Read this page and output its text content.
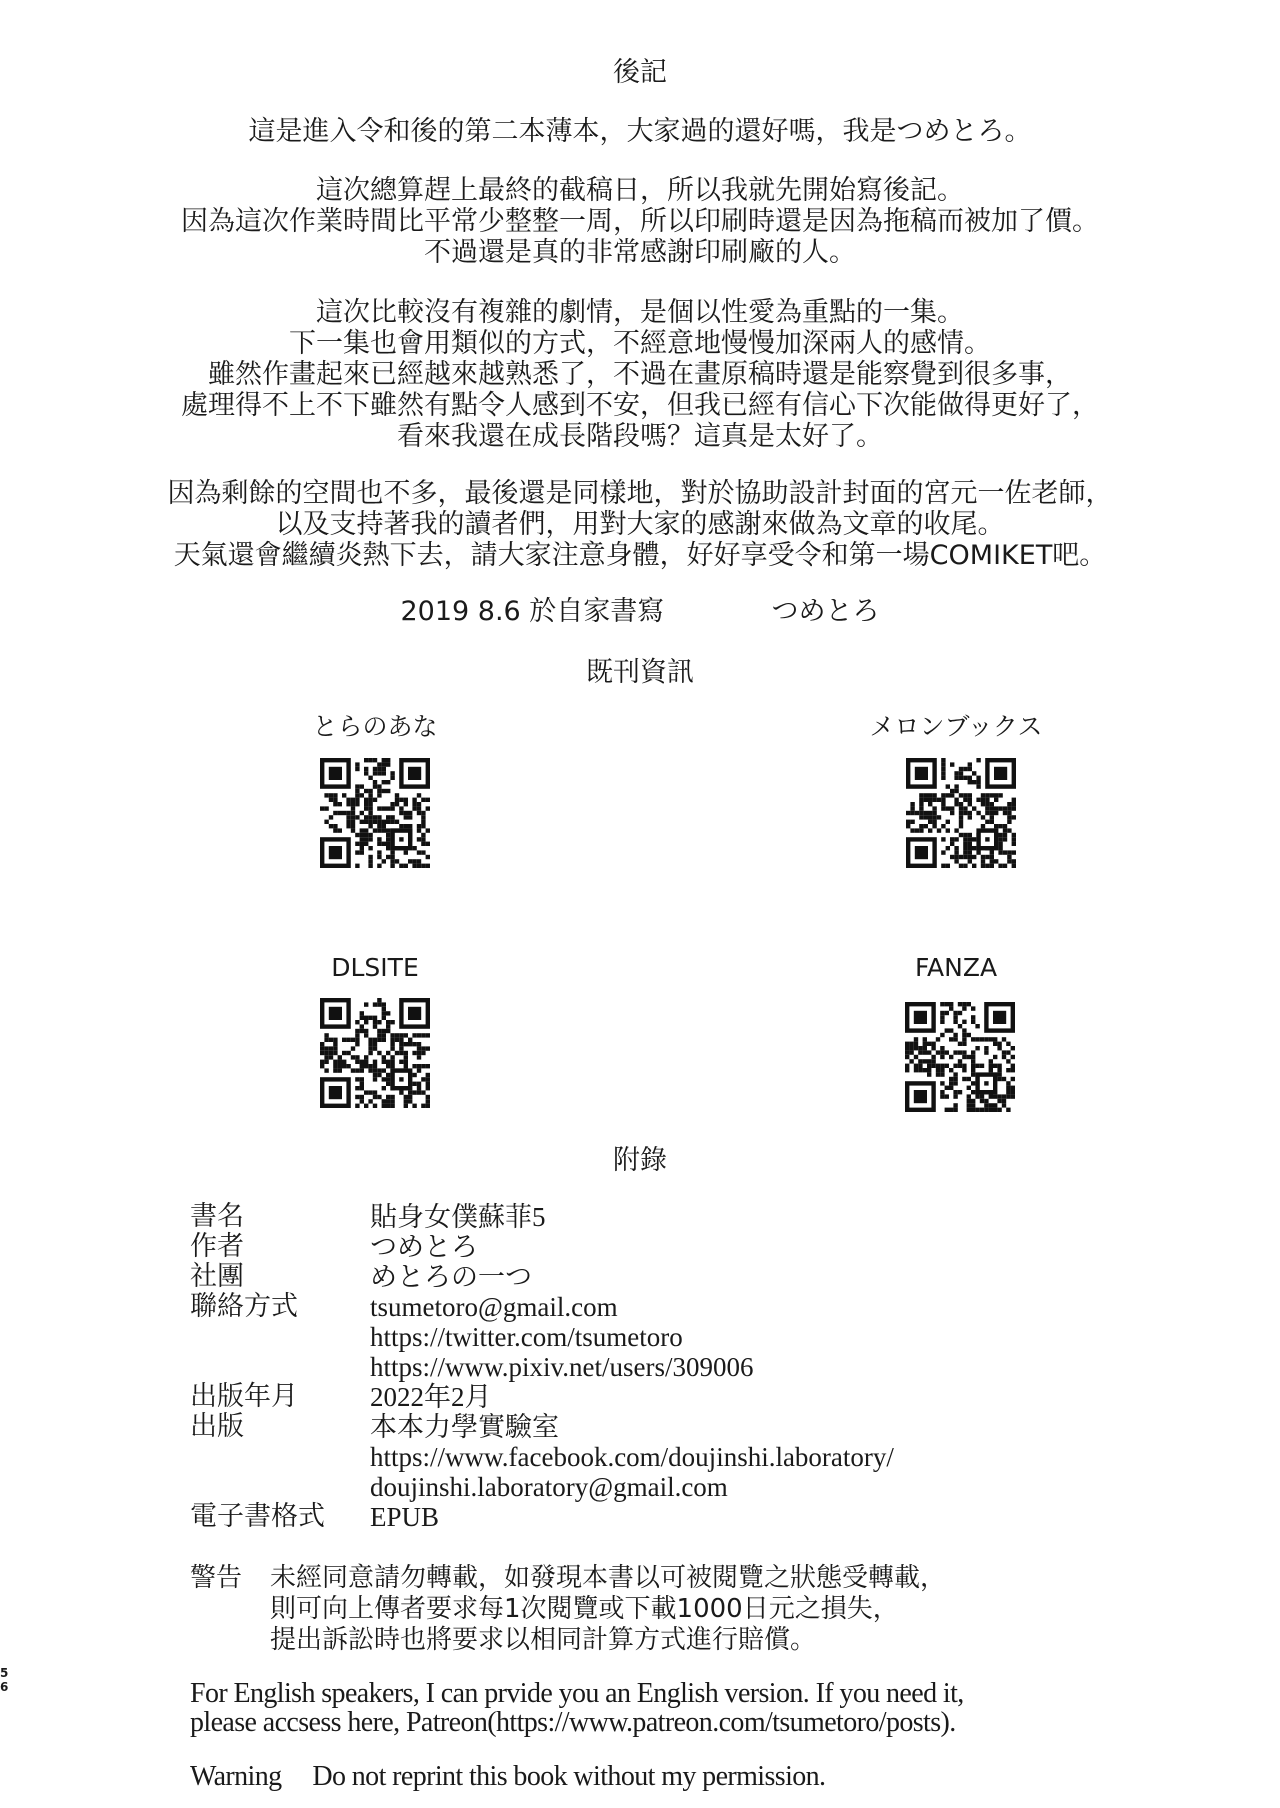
後記
這是進入令和後的第二本薄本，大家過的還好嗎，我是つめとろ。
這次總算趕上最終的截稿日，所以我就先開始寫後記。
因為這次作業時間比平常少整整一周，所以印刷時還是因為拖稿而被加了價。
不過還是真的非常感謝印刷廠的人。
這次比較沒有複雜的劇情，是個以性愛為重點的一集。
下一集也會用類似的方式，不經意地慢慢加深兩人的感情。
雖然作畫起來已經越來越熟悉了，不過在畫原稿時還是能察覺到很多事，
處理得不上不下雖然有點令人感到不安，但我已經有信心下次能做得更好了，
看來我還在成長階段嗎？這真是太好了。
因為剩餘的空間也不多，最後還是同樣地，對於協助設計封面的宮元一佐老師，
以及支持著我的讀者們，用對大家的感謝來做為文章的收尾。
天氣還會繼續炎熱下去，請大家注意身體，好好享受令和第一場COMIKET吧。
2019 8.6 於自家書寫	つめとろ
既刊資訊
とらのあな	メロンブックス
DLSITE	FANZA
附錄
書名	貼身女僕蘇菲5
作者	つめとろ
社團	めとろの一つ
聯絡方式	tsumetoro@gmail.com
https://twitter.com/tsumetoro
https://www.pixiv.net/users/309006
出版年月	2022年2月
出版	本本力學實驗室
https://www.facebook.com/doujinshi.laboratory/
doujinshi.laboratory@gmail.com
電子書格式 EPUB
警告 未經同意請勿轉載，如發現本書以可被閱覽之狀態受轉載，
則可向上傳者要求每1次閱覽或下載1000日元之損失，
提出訴訟時也將要求以相同計算方式進行賠償。
5
6	For English speakers, I can prvide you an English version. If you need it,
please accsess here, Patreon(https://www.patreon.com/tsumetoro/posts).
Warning Do not reprint this book without my permission.
